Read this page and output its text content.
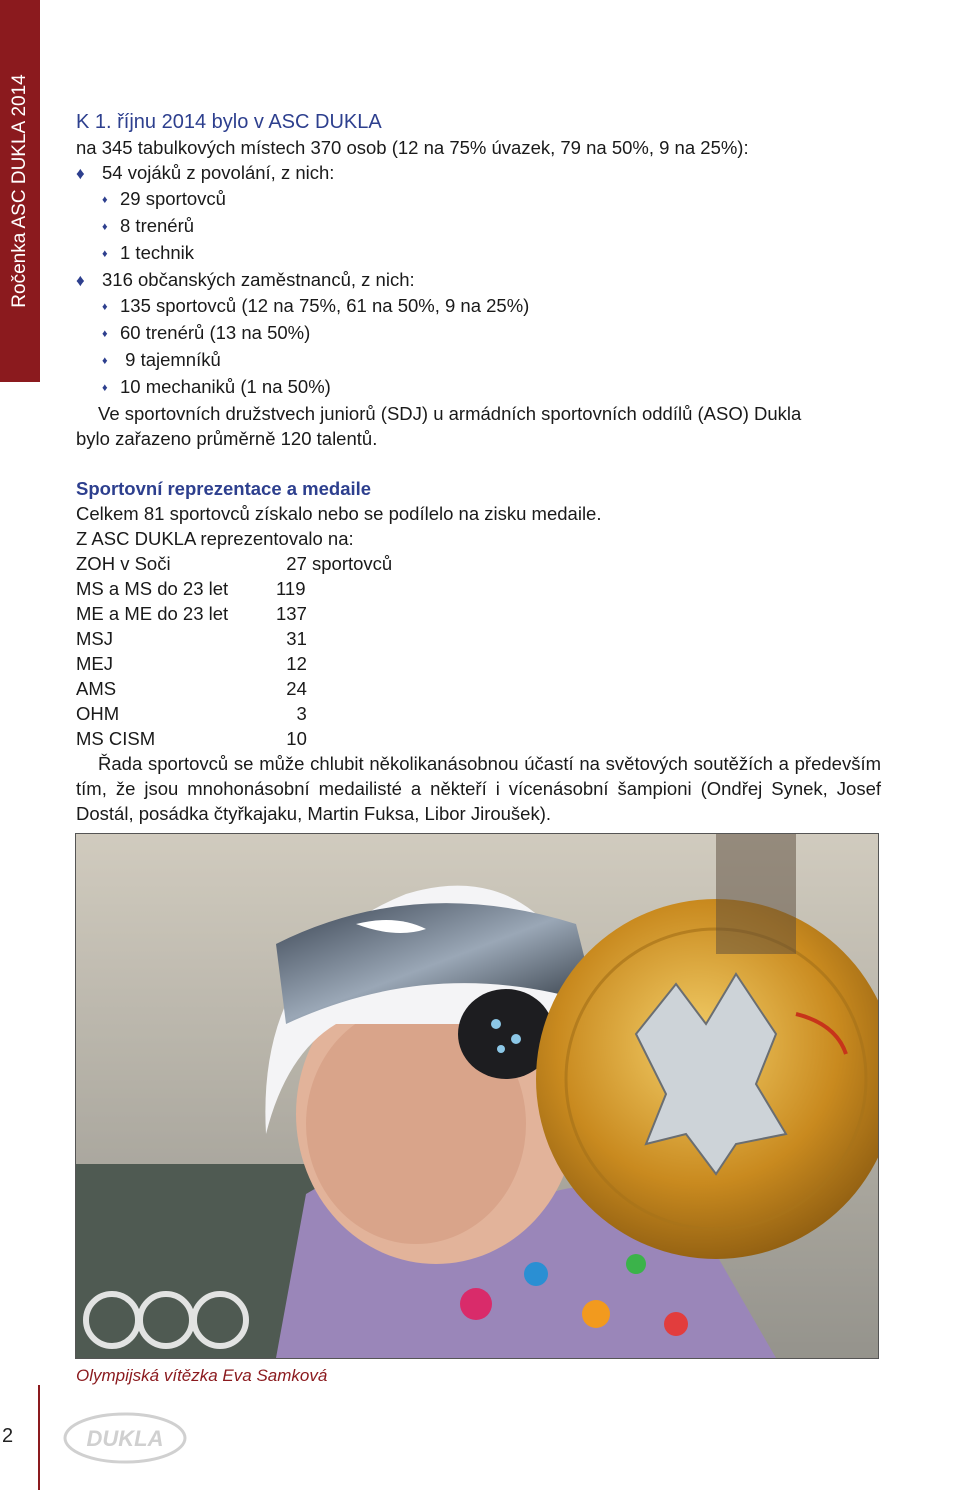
Ročenka ASC DUKLA 2014 K 1. říjnu 2014 bylo v ASC DUKLA
na 345 tabulkových místech 370 osob (12 na 75% úvazek, 79 na 50%, 9 na 25%):
♦ 54 vojáků z povolání, z nich:
♦ 29 sportovců
♦ 8 trenérů
♦ 1 technik
♦ 316 občanských zaměstnanců, z nich:
♦ 135 sportovců (12 na 75%, 61 na 50%, 9 na 25%)
♦ 60 trenérů (13 na 50%)
♦ 9 tajemníků
♦ 10 mechaniků (1 na 50%)
Ve sportovních družstvech juniorů (SDJ) u armádních sportovních oddílů (ASO) Dukla
bylo zařazeno průměrně 120 talentů.
Sportovní reprezentace a medaile
Celkem 81 sportovců získalo nebo se podílelo na zisku medaile.
Z ASC DUKLA reprezentovalo na:
ZOH v Soči	27 sportovců
MS a MS do 23 let	119
ME a ME do 23 let	137
MSJ	31
MEJ	12
AMS	24
OHM	3
MS CISM	10
Řada sportovců se může chlubit několikanásobnou účastí na světových soutěžích a především tím, že jsou mnohonásobní medailisté a někteří i vícenásobní šampioni (Ondřej Synek, Josef Dostál, posádka čtyřkajaku, Martin Fuksa, Libor Jiroušek).
Olympijská vítězka Eva Samková
2	DUKLA
